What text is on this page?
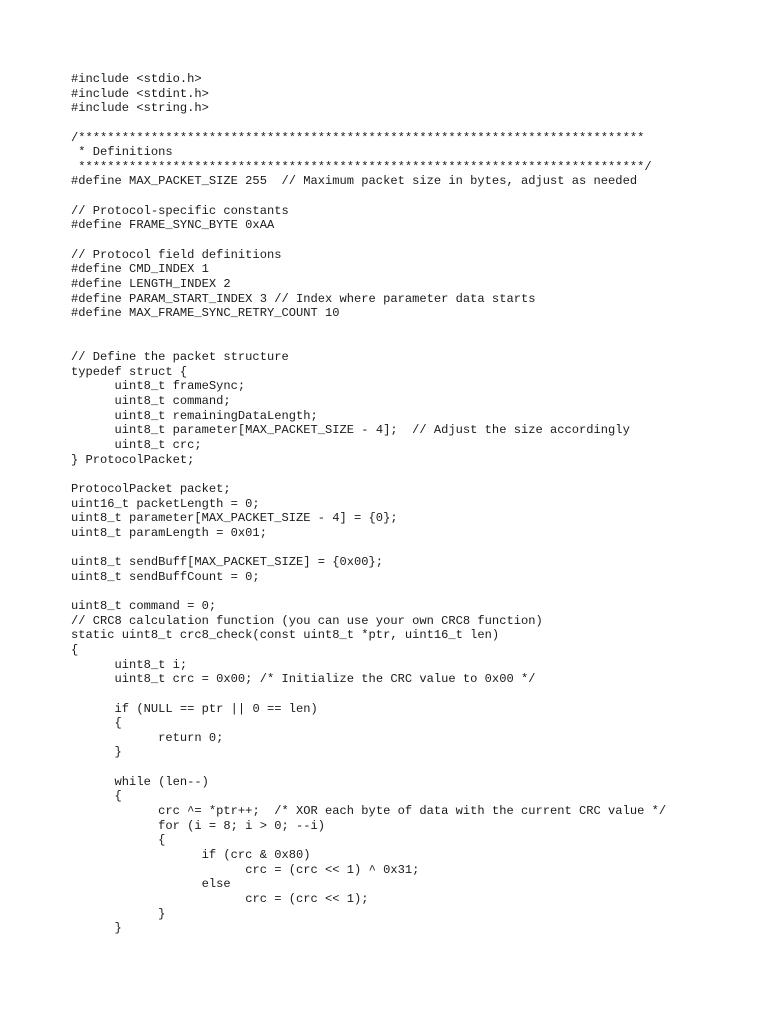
#include <stdio.h>
#include <stdint.h>
#include <string.h>

/******************************************************************************
* Definitions
******************************************************************************/
#define MAX_PACKET_SIZE 255  // Maximum packet size in bytes, adjust as needed

// Protocol-specific constants
#define FRAME_SYNC_BYTE 0xAA

// Protocol field definitions
#define CMD_INDEX 1
#define LENGTH_INDEX 2
#define PARAM_START_INDEX 3 // Index where parameter data starts
#define MAX_FRAME_SYNC_RETRY_COUNT 10

// Define the packet structure
typedef struct {
	uint8_t frameSync;
	uint8_t command;
	uint8_t remainingDataLength;
	uint8_t parameter[MAX_PACKET_SIZE - 4];  // Adjust the size accordingly
	uint8_t crc;
} ProtocolPacket;

ProtocolPacket packet;
uint16_t packetLength = 0;
uint8_t parameter[MAX_PACKET_SIZE - 4] = {0};
uint8_t paramLength = 0x01;

uint8_t sendBuff[MAX_PACKET_SIZE] = {0x00};
uint8_t sendBuffCount = 0;

uint8_t command = 0;
// CRC8 calculation function (you can use your own CRC8 function)
static uint8_t crc8_check(const uint8_t *ptr, uint16_t len)
{
	uint8_t i;
	uint8_t crc = 0x00; /* Initialize the CRC value to 0x00 */

	if (NULL == ptr || 0 == len)
	{
		return 0;
	}

	while (len--)
	{
		crc ^= *ptr++;  /* XOR each byte of data with the current CRC value */
		for (i = 8; i > 0; --i)
		{
			if (crc & 0x80)
				crc = (crc << 1) ^ 0x31;
			else
				crc = (crc << 1);
		}
	}
